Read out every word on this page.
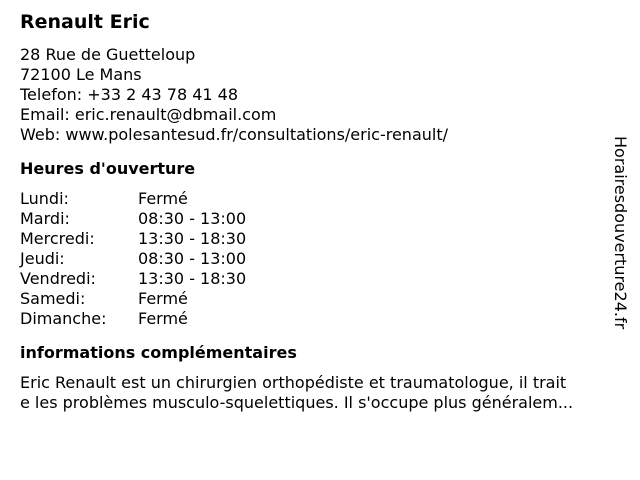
Renault Eric
28 Rue de Guetteloup
72100 Le Mans
Telefon: +33 2 43 78 41 48
Email: eric.renault@dbmail.com
Web: www.polesantesud.fr/consultations/eric-renault/
Heures d'ouverture
Lundi:	Fermé
Mardi:	08:30 - 13:00
Mercredi:	13:30 - 18:30
Jeudi:	08:30 - 13:00
Vendredi:	13:30 - 18:30
Samedi:	Fermé
Dimanche:	Fermé
informations complémentaires
Eric Renault est un chirurgien orthopédiste et traumatologue, il trait
e les problèmes musculo-squelettiques. Il s'occupe plus généralem...
Horairesdouverture24.fr
